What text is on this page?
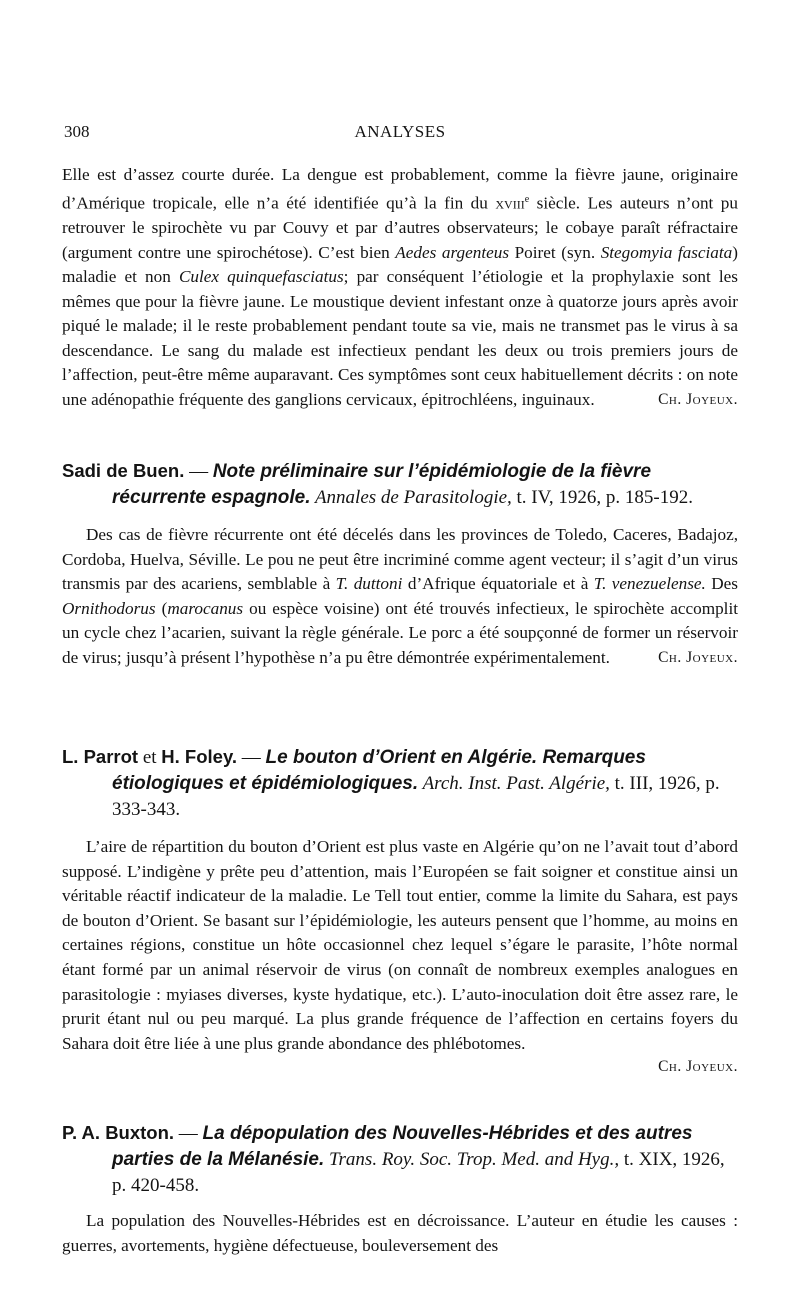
308	ANALYSES

Elle est d’assez courte durée. La dengue est probablement, comme la fièvre jaune, originaire d’Amérique tropicale, elle n’a été identifiée qu’à la fin du xviii$^e$ siècle. Les auteurs n’ont pu retrouver le spirochète vu par Couvy et par d’autres observateurs; le cobaye paraît réfractaire (argument contre une spirochétose). C’est bien Aedes argenteus Poiret (syn. Stegomyia fasciata) maladie et non Culex quinquefasciatus; par conséquent l’étiologie et la prophylaxie sont les mêmes que pour la fièvre jaune. Le moustique devient infestant onze à quatorze jours après avoir piqué le malade; il le reste probablement pendant toute sa vie, mais ne transmet pas le virus à sa descendance. Le sang du malade est infectieux pendant les deux ou trois premiers jours de l’affection, peut-être même auparavant. Ces symptômes sont ceux habituellement décrits : on note une adénopathie fréquente des ganglions cervicaux, épitrochléens, inguinaux.	Ch. Joyeux.

Sadi de Buen. — Note préliminaire sur l’épidémiologie de la fièvre récurrente espagnole. Annales de Parasitologie, t. IV, 1926, p. 185-192.

Des cas de fièvre récurrente ont été décelés dans les provinces de Toledo, Caceres, Badajoz, Cordoba, Huelva, Séville. Le pou ne peut être incriminé comme agent vecteur; il s’agit d’un virus transmis par des acariens, semblable à T. duttoni d’Afrique équatoriale et à T. venezuelense. Des Ornithodorus (marocanus ou espèce voisine) ont été trouvés infectieux, le spirochète accomplit un cycle chez l’acarien, suivant la règle générale. Le porc a été soupçonné de former un réservoir de virus; jusqu’à présent l’hypothèse n’a pu être démontrée expérimentalement.	Ch. Joyeux.

L. Parrot et H. Foley. — Le bouton d’Orient en Algérie. Remarques étiologiques et épidémiologiques. Arch. Inst. Past. Algérie, t. III, 1926, p. 333-343.

L’aire de répartition du bouton d’Orient est plus vaste en Algérie qu’on ne l’avait tout d’abord supposé. L’indigène y prête peu d’attention, mais l’Européen se fait soigner et constitue ainsi un véritable réactif indicateur de la maladie. Le Tell tout entier, comme la limite du Sahara, est pays de bouton d’Orient. Se basant sur l’épidémiologie, les auteurs pensent que l’homme, au moins en certaines régions, constitue un hôte occasionnel chez lequel s’égare le parasite, l’hôte normal étant formé par un animal réservoir de virus (on connaît de nombreux exemples analogues en parasitologie : myiases diverses, kyste hydatique, etc.). L’auto-inoculation doit être assez rare, le prurit étant nul ou peu marqué. La plus grande fréquence de l’affection en certains foyers du Sahara doit être liée à une plus grande abondance des phlébotomes.

Ch. Joyeux.

P. A. Buxton. — La dépopulation des Nouvelles-Hébrides et des autres parties de la Mélanésie. Trans. Roy. Soc. Trop. Med. and Hyg., t. XIX, 1926, p. 420-458.

La population des Nouvelles-Hébrides est en décroissance. L’auteur en étudie les causes : guerres, avortements, hygiène défectueuse, bouleversement des
